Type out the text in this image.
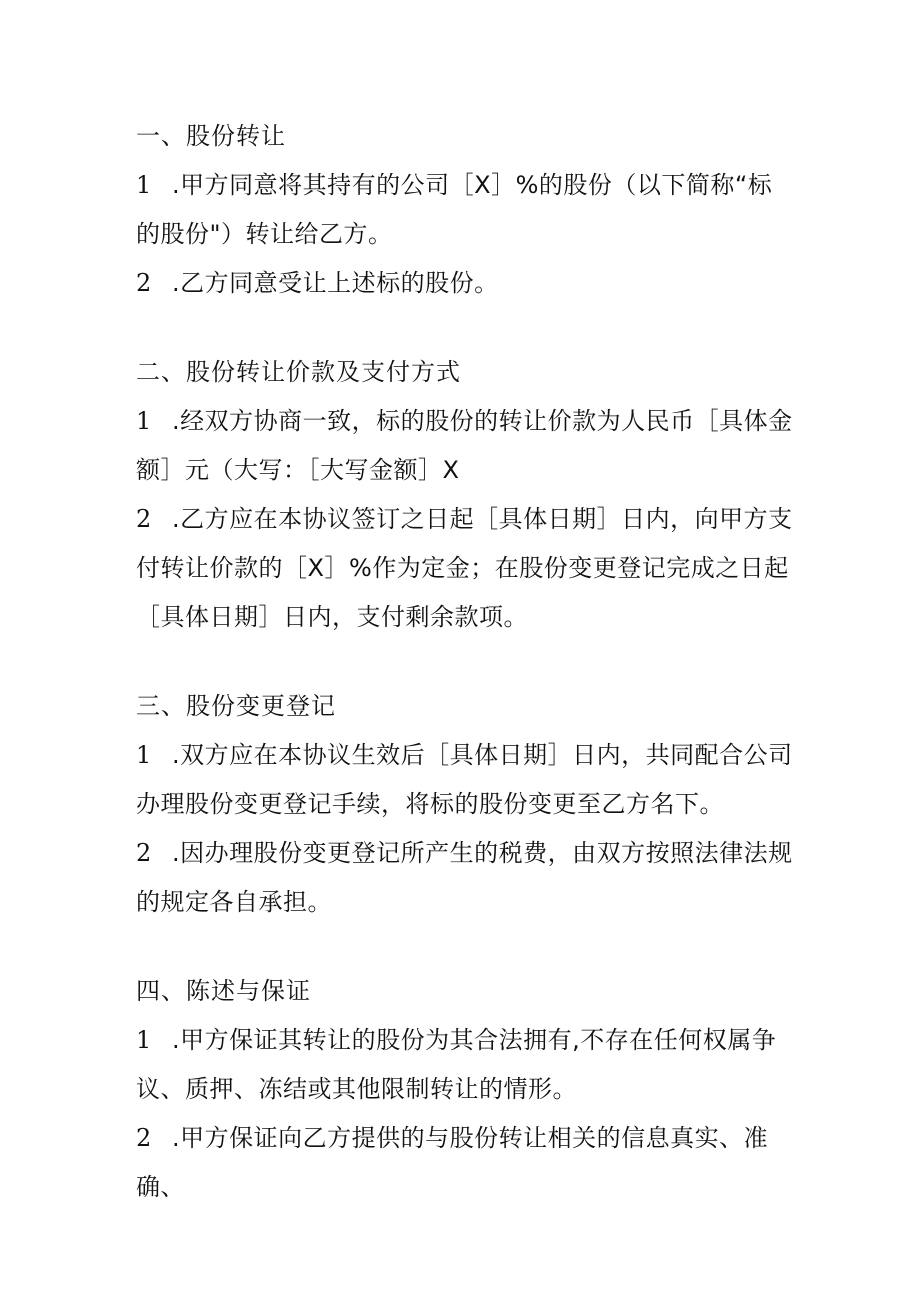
一、股份转让
1 .甲方同意将其持有的公司［X］%的股份（以下简称“标的股份"）转让给乙方。
2 .乙方同意受让上述标的股份。
二、股份转让价款及支付方式
1 .经双方协商一致，标的股份的转让价款为人民币［具体金额］元（大写：［大写金额］X
2 .乙方应在本协议签订之日起［具体日期］日内，向甲方支付转让价款的［X］%作为定金；在股份变更登记完成之日起［具体日期］日内，支付剩余款项。
三、股份变更登记
1 .双方应在本协议生效后［具体日期］日内，共同配合公司办理股份变更登记手续，将标的股份变更至乙方名下。
2 .因办理股份变更登记所产生的税费，由双方按照法律法规的规定各自承担。
四、陈述与保证
1 .甲方保证其转让的股份为其合法拥有,不存在任何权属争议、质押、冻结或其他限制转让的情形。
2 .甲方保证向乙方提供的与股份转让相关的信息真实、准确、
